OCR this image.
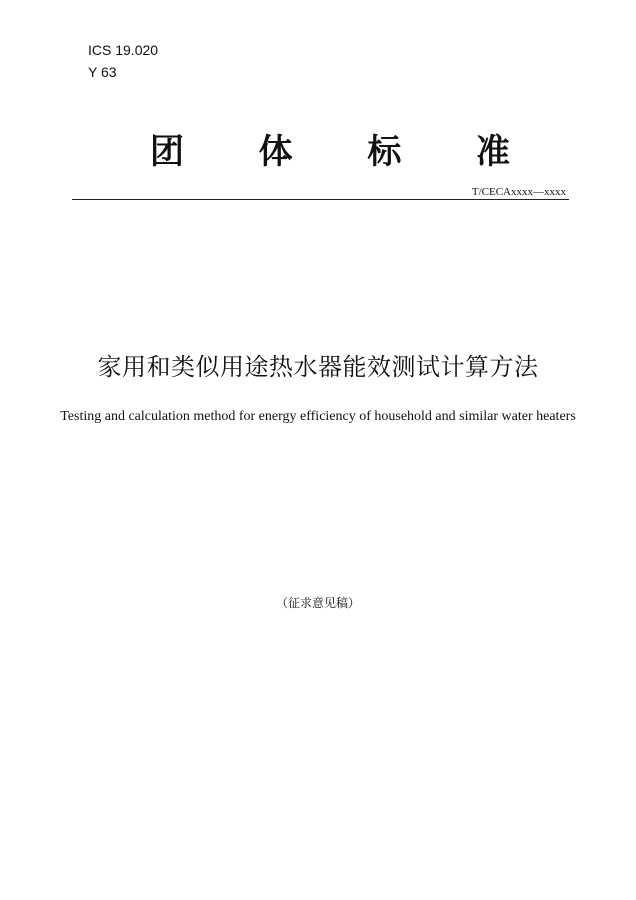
ICS 19.020
Y 63
团 体 标 准
T/CECAxxxx—xxxx
家用和类似用途热水器能效测试计算方法
Testing and calculation method for energy efficiency of household and similar water heaters
（征求意见稿）
